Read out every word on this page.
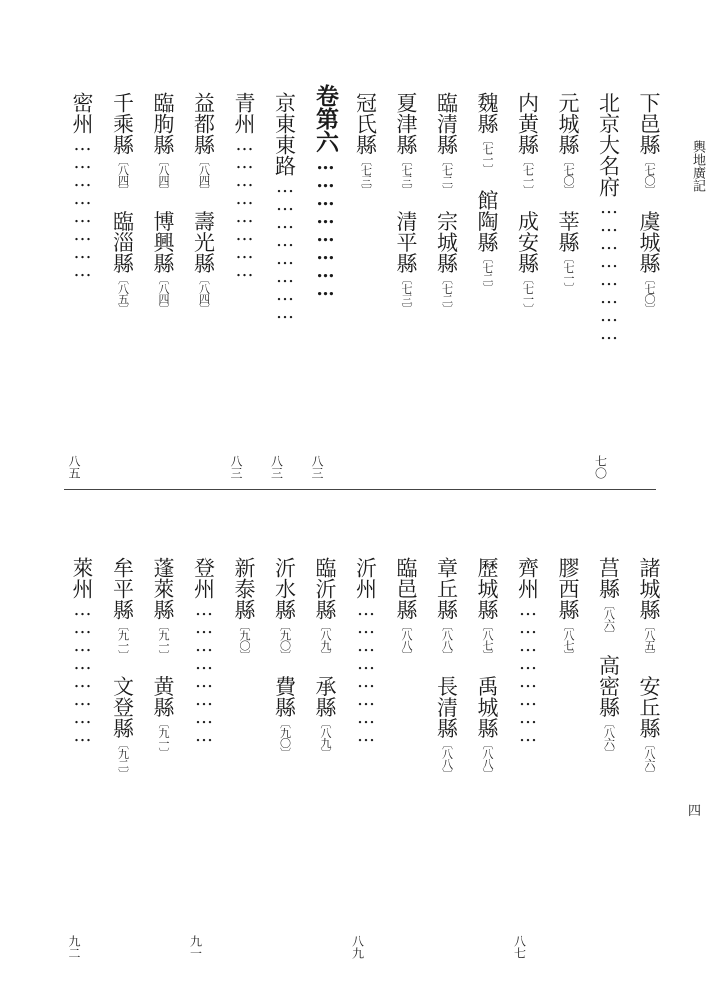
輿地廣記
四
下邑縣〔七〇〕　虞城縣〔七〇〕
北京大名府……………………
七〇
元城縣〔七〇〕　莘縣〔七一〕
内黄縣〔七一〕　成安縣〔七一〕
魏縣〔七一〕　館陶縣〔七二〕
臨清縣〔七二〕　宗城縣〔七二〕
夏津縣〔七三〕　清平縣〔七三〕
冠氏縣〔七三〕
卷第六……………………
八三
京東東路……………………
八三
青州……………………
八三
益都縣〔八四〕　壽光縣〔八四〕
臨朐縣〔八四〕　博興縣〔八四〕
千乘縣〔八四〕　臨淄縣〔八五〕
密州……………………
八五
諸城縣〔八五〕　安丘縣〔八六〕
莒縣〔八六〕　高密縣〔八六〕
膠西縣〔八七〕
齊州……………………
八七
歷城縣〔八七〕　禹城縣〔八八〕
章丘縣〔八八〕　長清縣〔八八〕
臨邑縣〔八八〕
沂州……………………
八九
臨沂縣〔八九〕　承縣〔八九〕
沂水縣〔九〇〕　費縣〔九〇〕
新泰縣〔九〇〕
登州……………………
九一
蓬萊縣〔九一〕　黄縣〔九一〕
牟平縣〔九一〕　文登縣〔九二〕
萊州……………………
九二
